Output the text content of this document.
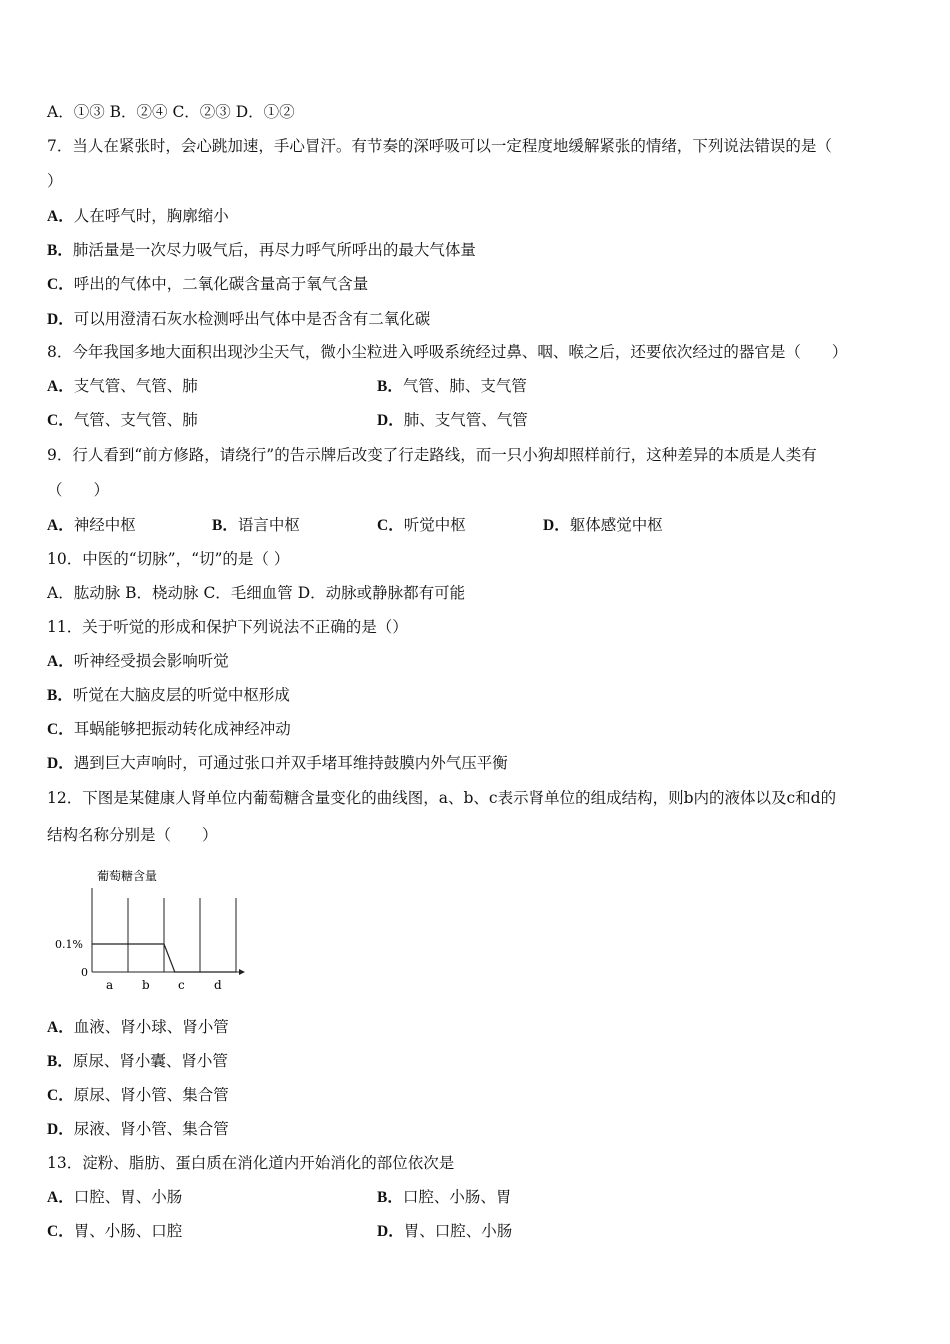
A．①③ B．②④ C．②③ D．①②
7．当人在紧张时，会心跳加速，手心冒汗。有节奏的深呼吸可以一定程度地缓解紧张的情绪，下列说法错误的是（
）
A．人在呼气时，胸廓缩小
B．肺活量是一次尽力吸气后，再尽力呼气所呼出的最大气体量
C．呼出的气体中，二氧化碳含量高于氧气含量
D．可以用澄清石灰水检测呼出气体中是否含有二氧化碳
8．今年我国多地大面积出现沙尘天气，微小尘粒进入呼吸系统经过鼻、咽、喉之后，还要依次经过的器官是（　　）
A．支气管、气管、肺	B．气管、肺、支气管
C．气管、支气管、肺	D．肺、支气管、气管
9．行人看到“前方修路，请绕行”的告示牌后改变了行走路线，而一只小狗却照样前行，这种差异的本质是人类有
（　　）
A．神经中枢	B．语言中枢	C．听觉中枢	D．躯体感觉中枢
10．中医的“切脉”，“切”的是（ ）
A．肱动脉 B．桡动脉 C．毛细血管 D．动脉或静脉都有可能
11．关于听觉的形成和保护下列说法不正确的是（）
A．听神经受损会影响听觉
B．听觉在大脑皮层的听觉中枢形成
C．耳蜗能够把振动转化成神经冲动
D．遇到巨大声响时，可通过张口并双手堵耳维持鼓膜内外气压平衡
12．下图是某健康人肾单位内葡萄糖含量变化的曲线图，a、b、c表示肾单位的组成结构，则b内的液体以及c和d的
结构名称分别是（　　）
葡萄糖含量
a b c d
0.1%
0
A．血液、肾小球、肾小管
B．原尿、肾小囊、肾小管
C．原尿、肾小管、集合管
D．尿液、肾小管、集合管
13．淀粉、脂肪、蛋白质在消化道内开始消化的部位依次是
A．口腔、胃、小肠	B．口腔、小肠、胃
C．胃、小肠、口腔	D．胃、口腔、小肠
